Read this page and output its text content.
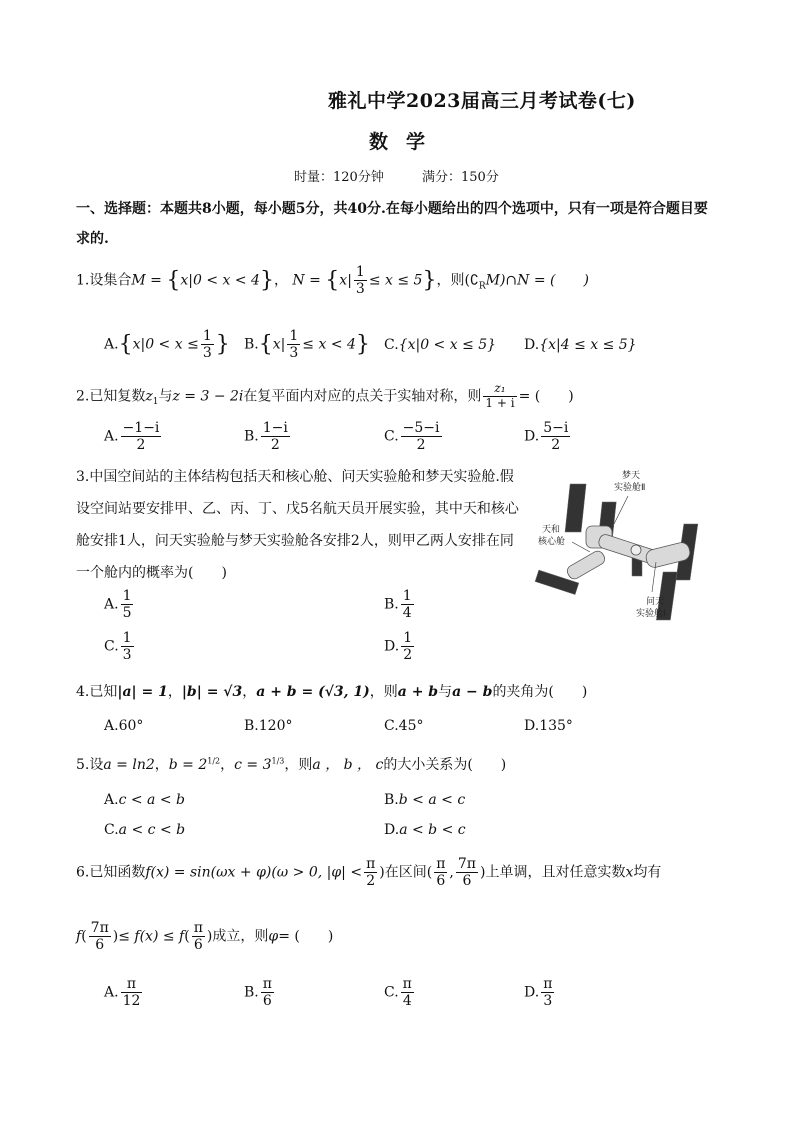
雅礼中学2023届高三月考试卷(七)
数学
时量：120分钟	满分：150分
一、选择题：本题共8小题，每小题5分，共40分.在每小题给出的四个选项中，只有一项是符合题目要
求的.
1.设集合M = {x|0 < x < 4}， $N = \{x| \frac{1}{3} \le x \le 5\}$，则$(∁_RM)\cap N$ = (　　)
$A.\{x|0 < x \le \frac{1}{3}$ } $B.\{x| \frac{1}{3} \le x < 4\}$ C.{x|0 < x ≤ 5} D.{x|4 ≤ x ≤ 5}
2.已知复数$z_1$与z = 3 − 2i在复平面内对应的点关于实轴对称，则 $\frac{\text{z₁}}{1 + i}$ = (　　)
A. $\frac{-1-i}{2}$	B. $\frac{1-i}{2}$	C. $\frac{-5-i}{2}$	D. $\frac{5-i}{2}$
3.中国空间站的主体结构包括天和核心舱、问天实验舱和梦天实验舱.假
设空间站要安排甲、乙、丙、丁、戊5名航天员开展实验，其中天和核心
舱安排1人，问天实验舱与梦天实验舱各安排2人，则甲乙两人安排在同
一个舱内的概率为(　　)
A. $\frac{1}{5}$	B. $\frac{1}{4}$
C. $\frac{1}{3}$	D. $\frac{1}{2}$
梦天
实验舱Ⅱ
天和
核心舱
问天
实验舱Ⅰ
4.已知|a| = 1，|b| = √3，a + b = (√3, 1)，则a + b与a − b的夹角为(　　)
A.60°	B.120°	C.45°	D.135°
5.设a = ln2，$b = 2^{1/2}$，$c = 3^{1/3}$，则a ， b ， c的大小关系为(　　)
A.c < a < b	B.b < a < c
C.a < c < b	D.a < b < c
6.已知函数f(x) = sin(ωx + φ)(ω > 0, $|\varphi| < \frac{\pi}{2}$ )在区间( $\frac{\pi}{6}$ , $\frac{7\pi}{6}$ )上单调，且对任意实数x均有
$f( \frac{7\pi}{6}$ )≤ $f(x) \le f( \frac{\pi}{6}$ )成立，则φ= (　　)
A. $\frac{\pi}{12}$	B. $\frac{\pi}{6}$	C. $\frac{\pi}{4}$	D. $\frac{\pi}{3}$
